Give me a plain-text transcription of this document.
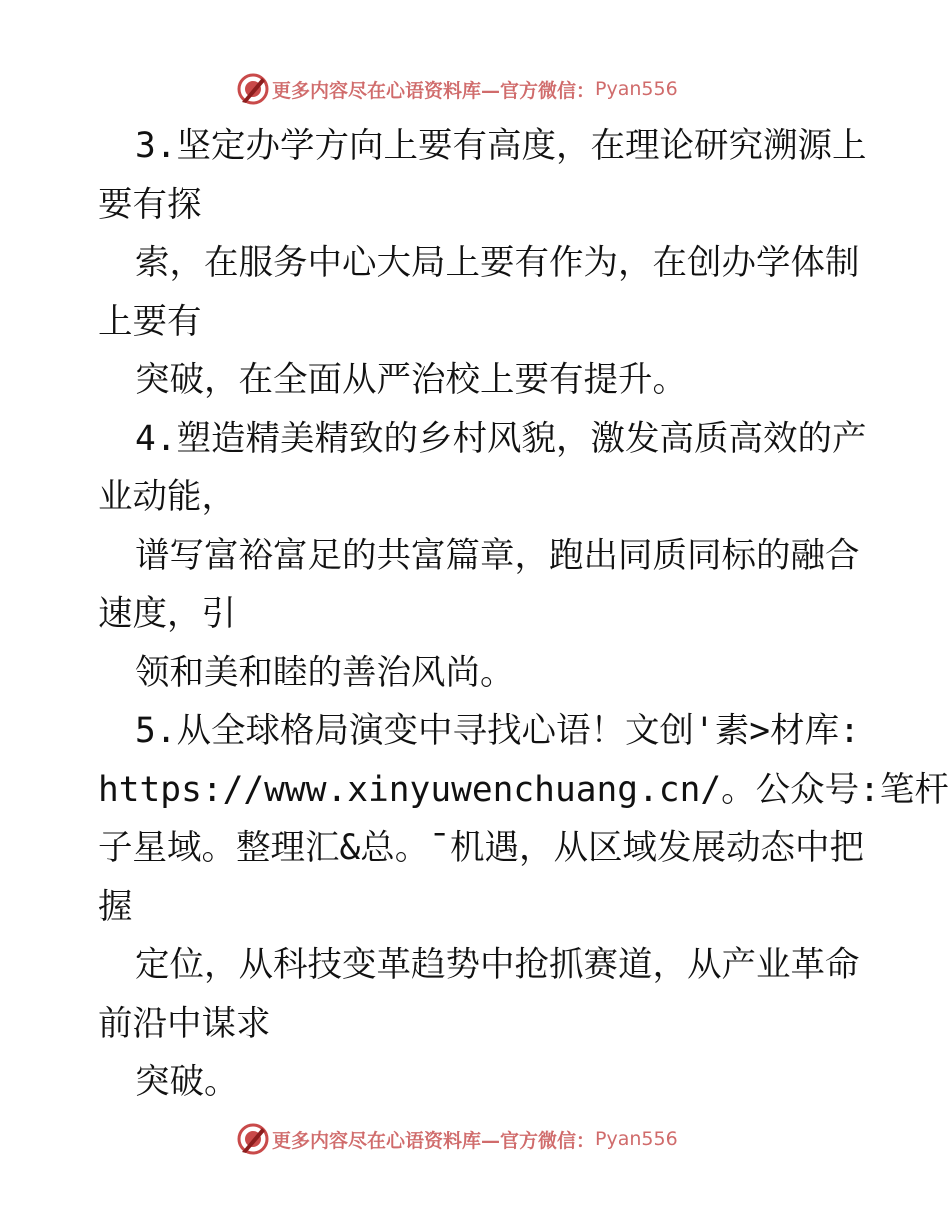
更多内容尽在心语资料库—官方微信： Pyan556
3.坚定办学方向上要有高度，在理论研究溯源上
要有探
索，在服务中心大局上要有作为，在创办学体制
上要有
突破，在全面从严治校上要有提升。
4.塑造精美精致的乡村风貌，激发高质高效的产
业动能，
谱写富裕富足的共富篇章，跑出同质同标的融合
速度，引
领和美和睦的善治风尚。
5.从全球格局演变中寻找心语！文创'素>材库:
https://www.xinyuwenchuang.cn/。公众号:笔杆
子星域。整理汇&总。¯机遇，从区域发展动态中把
握
定位，从科技变革趋势中抢抓赛道，从产业革命
前沿中谋求
突破。
更多内容尽在心语资料库—官方微信： Pyan556
